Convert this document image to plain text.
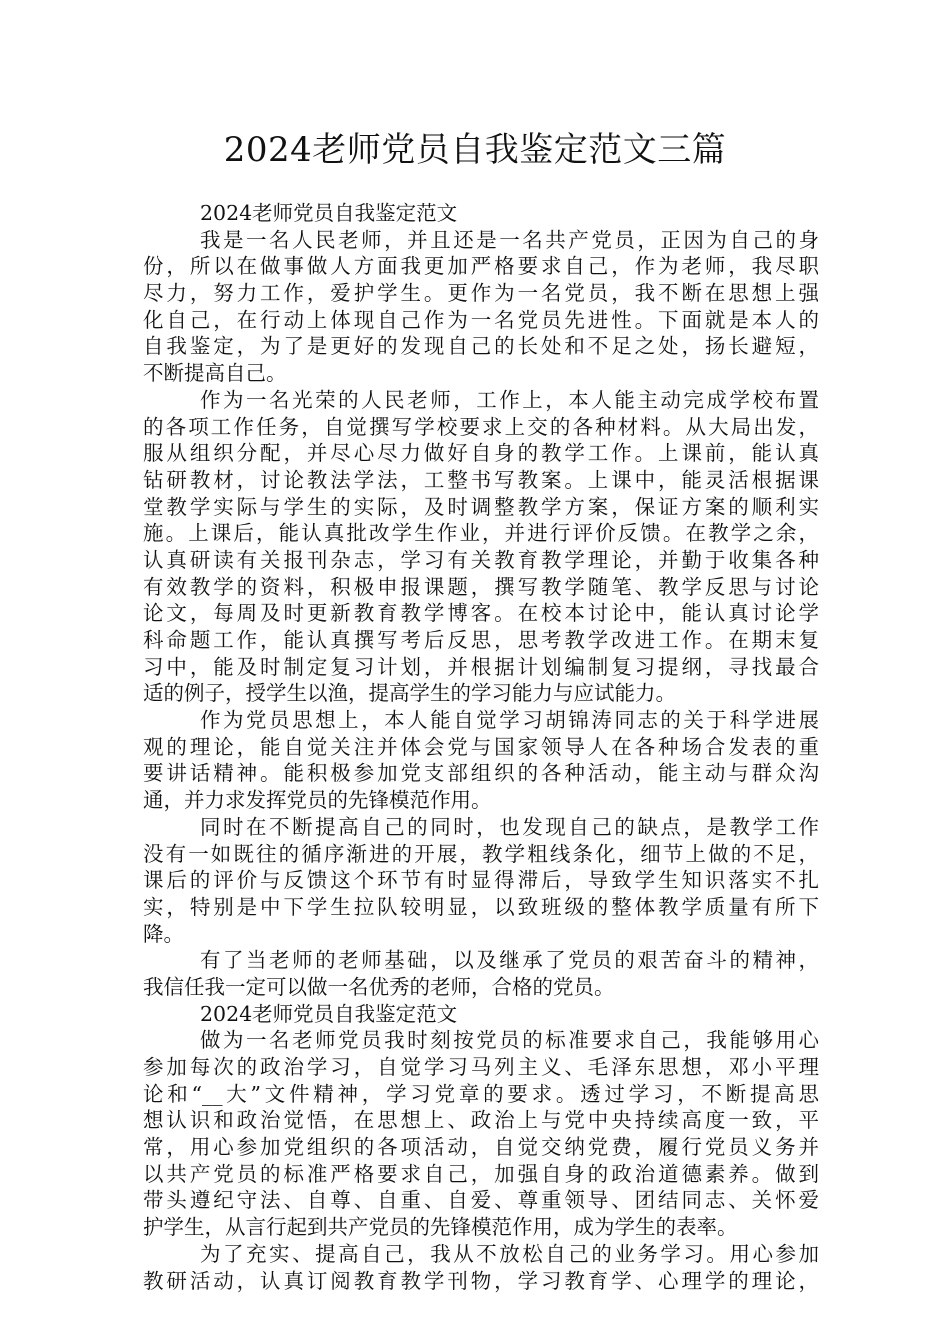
2024老师党员自我鉴定范文三篇
2024老师党员自我鉴定范文
我是一名人民老师，并且还是一名共产党员，正因为自己的身
份，所以在做事做人方面我更加严格要求自己，作为老师，我尽职
尽力，努力工作，爱护学生。更作为一名党员，我不断在思想上强
化自己，在行动上体现自己作为一名党员先进性。下面就是本人的
自我鉴定，为了是更好的发现自己的长处和不足之处，扬长避短，
不断提高自己。
作为一名光荣的人民老师，工作上，本人能主动完成学校布置
的各项工作任务，自觉撰写学校要求上交的各种材料。从大局出发，
服从组织分配，并尽心尽力做好自身的教学工作。上课前，能认真
钻研教材，讨论教法学法，工整书写教案。上课中，能灵活根据课
堂教学实际与学生的实际，及时调整教学方案，保证方案的顺利实
施。上课后，能认真批改学生作业，并进行评价反馈。在教学之余，
认真研读有关报刊杂志，学习有关教育教学理论，并勤于收集各种
有效教学的资料，积极申报课题，撰写教学随笔、教学反思与讨论
论文，每周及时更新教育教学博客。在校本讨论中，能认真讨论学
科命题工作，能认真撰写考后反思，思考教学改进工作。在期末复
习中，能及时制定复习计划，并根据计划编制复习提纲，寻找最合
适的例子，授学生以渔，提高学生的学习能力与应试能力。
作为党员思想上，本人能自觉学习胡锦涛同志的关于科学进展
观的理论，能自觉关注并体会党与国家领导人在各种场合发表的重
要讲话精神。能积极参加党支部组织的各种活动，能主动与群众沟
通，并力求发挥党员的先锋模范作用。
同时在不断提高自己的同时，也发现自己的缺点，是教学工作
没有一如既往的循序渐进的开展，教学粗线条化，细节上做的不足，
课后的评价与反馈这个环节有时显得滞后，导致学生知识落实不扎
实，特别是中下学生拉队较明显，以致班级的整体教学质量有所下
降。
有了当老师的老师基础，以及继承了党员的艰苦奋斗的精神，
我信任我一定可以做一名优秀的老师，合格的党员。
2024老师党员自我鉴定范文
做为一名老师党员我时刻按党员的标准要求自己，我能够用心
参加每次的政治学习，自觉学习马列主义、毛泽东思想，邓小平理
论和“__大”文件精神，学习党章的要求。透过学习，不断提高思
想认识和政治觉悟，在思想上、政治上与党中央持续高度一致，平
常，用心参加党组织的各项活动，自觉交纳党费，履行党员义务并
以共产党员的标准严格要求自己，加强自身的政治道德素养。做到
带头遵纪守法、自尊、自重、自爱、尊重领导、团结同志、关怀爱
护学生，从言行起到共产党员的先锋模范作用，成为学生的表率。
为了充实、提高自己，我从不放松自己的业务学习。用心参加
教研活动，认真订阅教育教学刊物，学习教育学、心理学的理论，
